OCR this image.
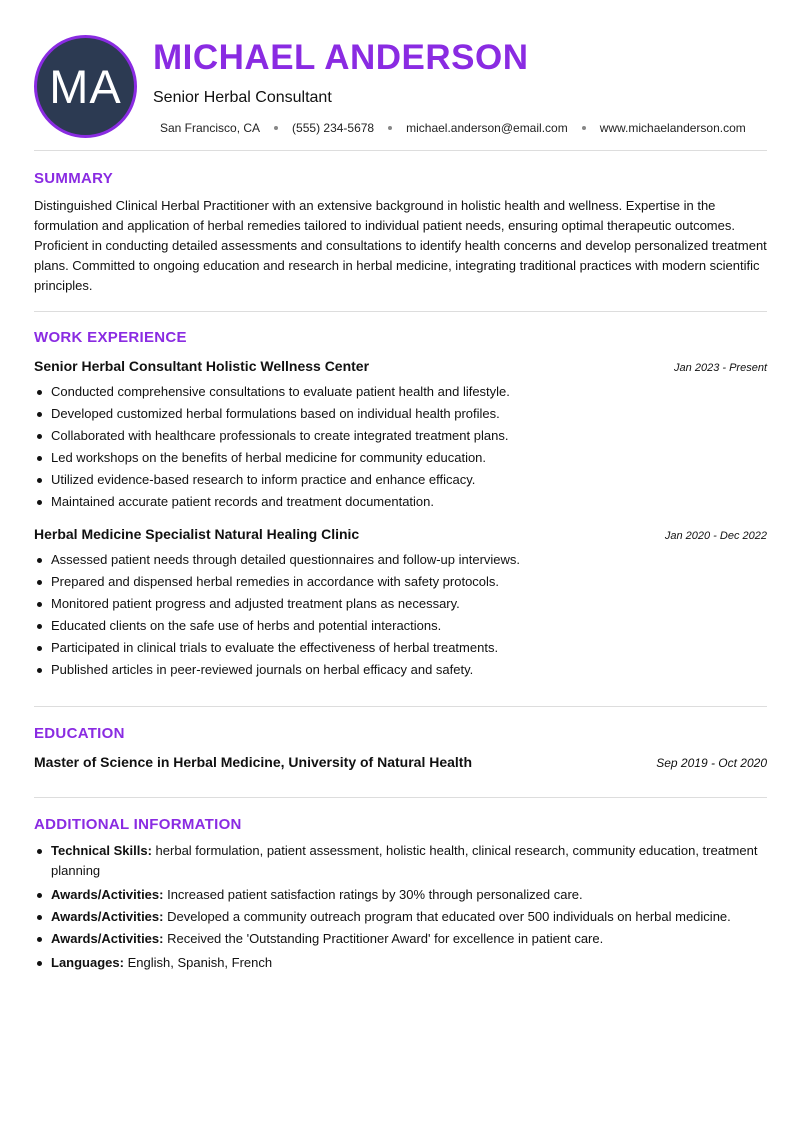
MA
MICHAEL ANDERSON
Senior Herbal Consultant
San Francisco, CA	(555) 234-5678	michael.anderson@email.com	www.michaelanderson.com
SUMMARY
Distinguished Clinical Herbal Practitioner with an extensive background in holistic health and wellness. Expertise in the formulation and application of herbal remedies tailored to individual patient needs, ensuring optimal therapeutic outcomes. Proficient in conducting detailed assessments and consultations to identify health concerns and develop personalized treatment plans. Committed to ongoing education and research in herbal medicine, integrating traditional practices with modern scientific principles.
WORK EXPERIENCE
Senior Herbal Consultant Holistic Wellness Center	Jan 2023 - Present
Conducted comprehensive consultations to evaluate patient health and lifestyle.
Developed customized herbal formulations based on individual health profiles.
Collaborated with healthcare professionals to create integrated treatment plans.
Led workshops on the benefits of herbal medicine for community education.
Utilized evidence-based research to inform practice and enhance efficacy.
Maintained accurate patient records and treatment documentation.
Herbal Medicine Specialist Natural Healing Clinic	Jan 2020 - Dec 2022
Assessed patient needs through detailed questionnaires and follow-up interviews.
Prepared and dispensed herbal remedies in accordance with safety protocols.
Monitored patient progress and adjusted treatment plans as necessary.
Educated clients on the safe use of herbs and potential interactions.
Participated in clinical trials to evaluate the effectiveness of herbal treatments.
Published articles in peer-reviewed journals on herbal efficacy and safety.
EDUCATION
Master of Science in Herbal Medicine, University of Natural Health	Sep 2019 - Oct 2020
ADDITIONAL INFORMATION
Technical Skills: herbal formulation, patient assessment, holistic health, clinical research, community education, treatment planning
Awards/Activities: Increased patient satisfaction ratings by 30% through personalized care.
Awards/Activities: Developed a community outreach program that educated over 500 individuals on herbal medicine.
Awards/Activities: Received the 'Outstanding Practitioner Award' for excellence in patient care.
Languages: English, Spanish, French
